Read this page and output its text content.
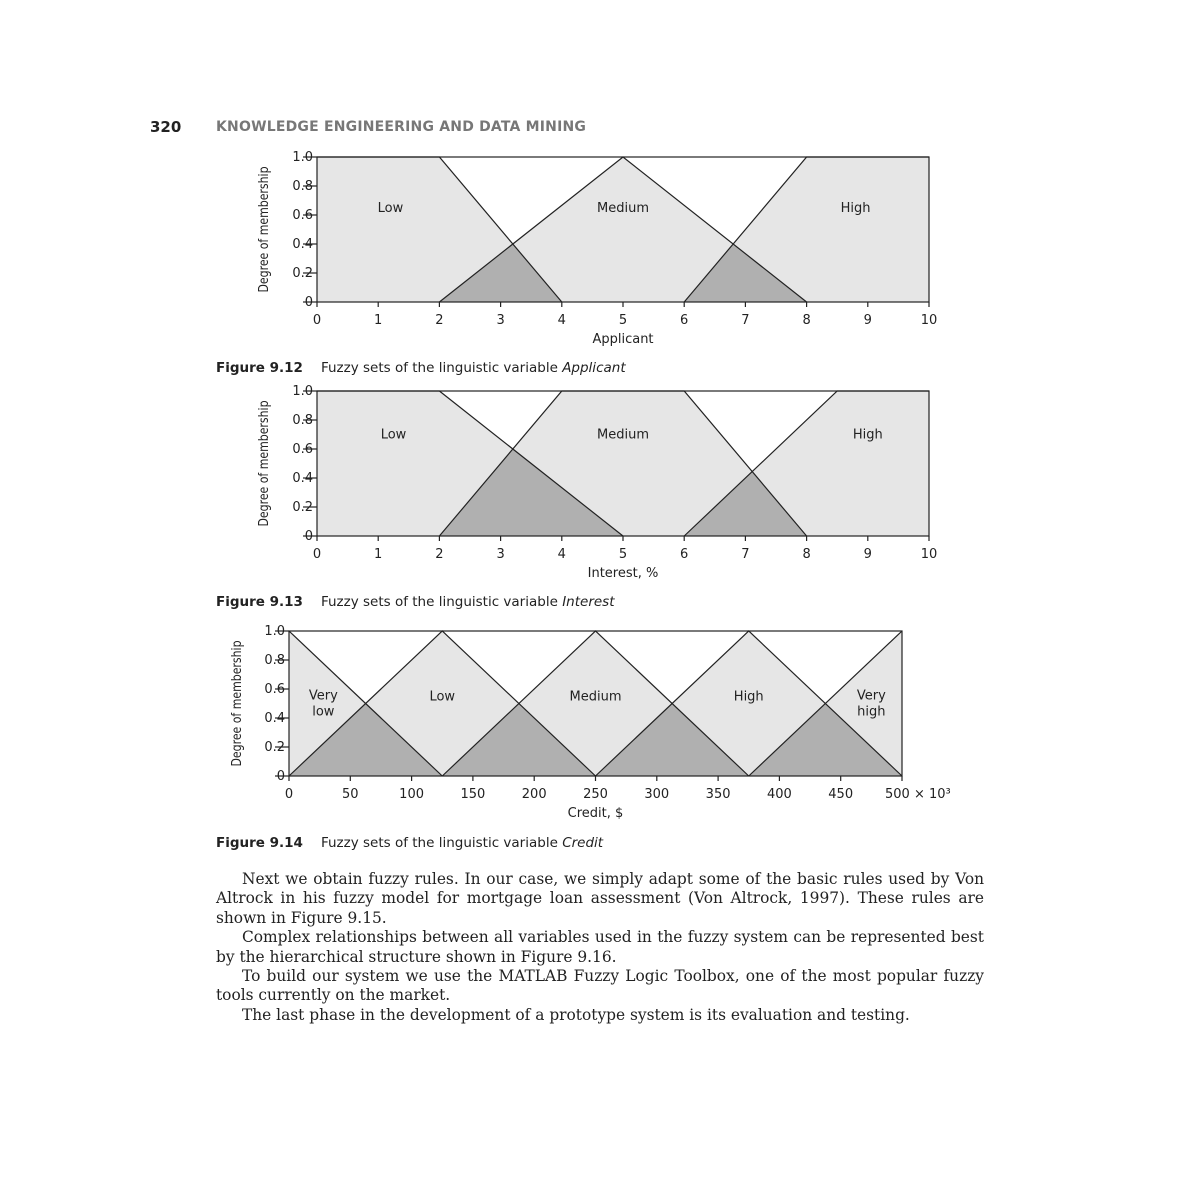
320 KNOWLEDGE ENGINEERING AND DATA MINING
Low	Medium	High
0	1	2	3	4	5	6	7	8	9	10
0
0.2
0.4
0.6
0.8
1.0
Applicant
Degree of membership
Figure 9.12 Fuzzy sets of the linguistic variable Applicant
Low	Medium	High
0	1	2	3	4	5	6	7	8	9	10
0
0.2
0.4
0.6
0.8
1.0
Interest, %
Degree of membership
Figure 9.13 Fuzzy sets of the linguistic variable Interest
Very
low
Low	Medium	High	Very
high
0	50	100	150	200	250	300	350	400	450 500 × 10³
0
0.2
0.4
0.6
0.8
1.0
Credit, $
Degree of membership
Figure 9.14 Fuzzy sets of the linguistic variable Credit

Next we obtain fuzzy rules. In our case, we simply adapt some of the basic rules used by Von Altrock in his fuzzy model for mortgage loan assessment (Von Altrock, 1997). These rules are shown in Figure 9.15.

Complex relationships between all variables used in the fuzzy system can be represented best by the hierarchical structure shown in Figure 9.16.

To build our system we use the MATLAB Fuzzy Logic Toolbox, one of the most popular fuzzy tools currently on the market.

The last phase in the development of a prototype system is its evaluation and testing.
